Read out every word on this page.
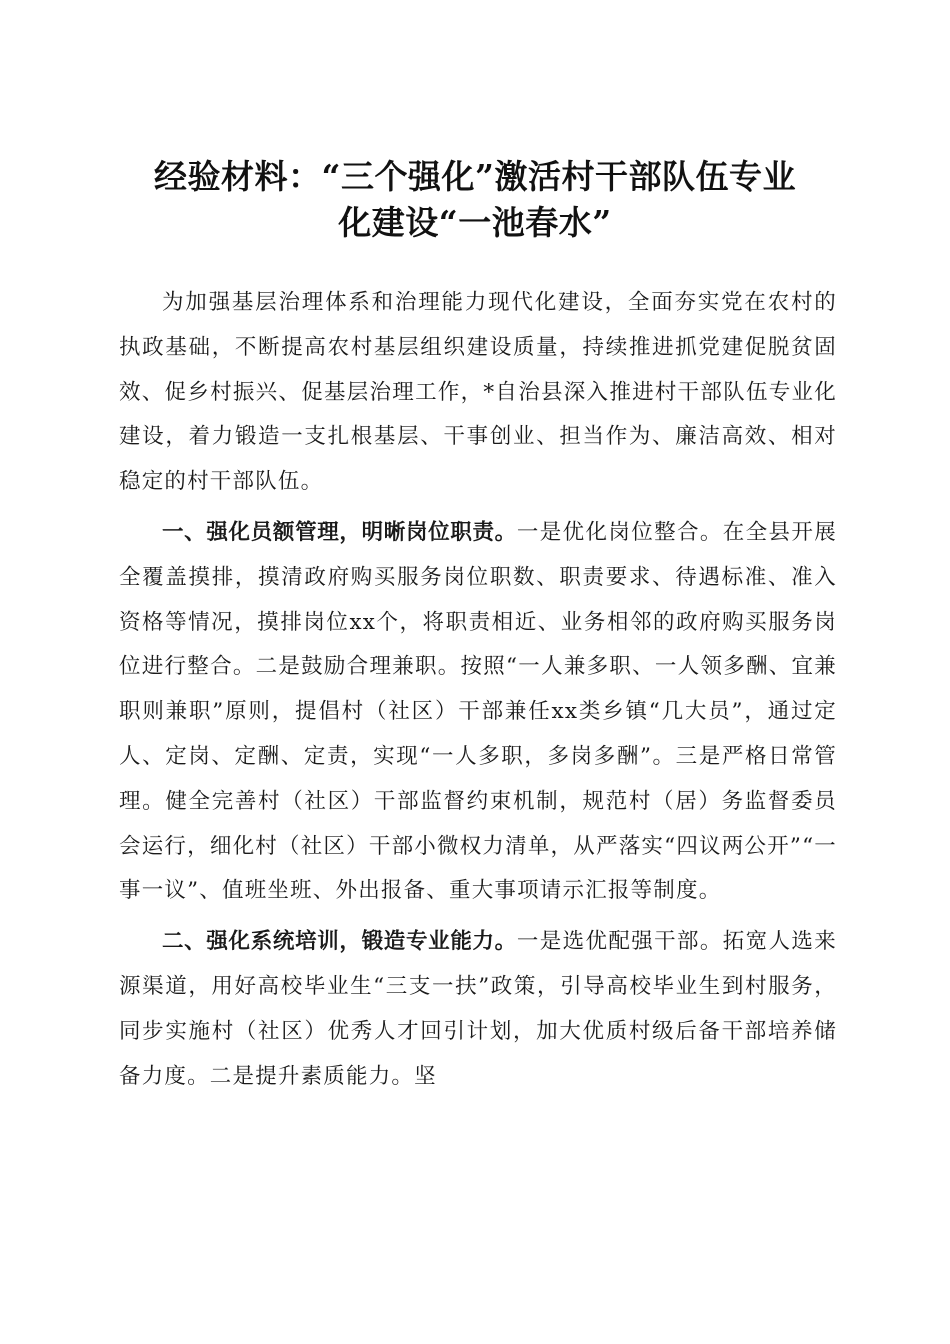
经验材料：“三个强化”激活村干部队伍专业
化建设“一池春水”

为加强基层治理体系和治理能力现代化建设，全面夯实党在农村的执政基础，不断提高农村基层组织建设质量，持续推进抓党建促脱贫固效、促乡村振兴、促基层治理工作，*自治县深入推进村干部队伍专业化建设，着力锻造一支扎根基层、干事创业、担当作为、廉洁高效、相对稳定的村干部队伍。

一、强化员额管理，明晰岗位职责。一是优化岗位整合。在全县开展全覆盖摸排，摸清政府购买服务岗位职数、职责要求、待遇标准、准入资格等情况，摸排岗位xx个，将职责相近、业务相邻的政府购买服务岗位进行整合。二是鼓励合理兼职。按照“一人兼多职、一人领多酬、宜兼职则兼职”原则，提倡村（社区）干部兼任xx类乡镇“几大员”，通过定人、定岗、定酬、定责，实现“一人多职，多岗多酬”。三是严格日常管理。健全完善村（社区）干部监督约束机制，规范村（居）务监督委员会运行，细化村（社区）干部小微权力清单，从严落实“四议两公开”“一事一议”、值班坐班、外出报备、重大事项请示汇报等制度。

二、强化系统培训，锻造专业能力。一是选优配强干部。拓宽人选来源渠道，用好高校毕业生“三支一扶”政策，引导高校毕业生到村服务，同步实施村（社区）优秀人才回引计划，加大优质村级后备干部培养储备力度。二是提升素质能力。坚
